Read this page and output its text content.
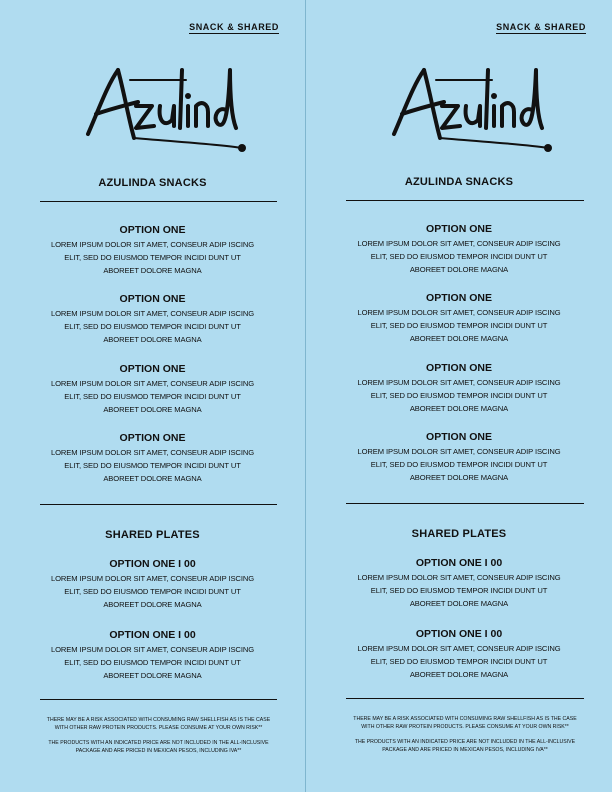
SNACK & SHARED
AZULINDA SNACKS
OPTION ONE
LOREM IPSUM DOLOR SIT AMET, CONSEUR ADIP ISCING ELIT, SED DO EIUSMOD TEMPOR INCIDI DUNT UT ABOREET DOLORE MAGNA
OPTION ONE
LOREM IPSUM DOLOR SIT AMET, CONSEUR ADIP ISCING ELIT, SED DO EIUSMOD TEMPOR INCIDI DUNT UT ABOREET DOLORE MAGNA
OPTION ONE
LOREM IPSUM DOLOR SIT AMET, CONSEUR ADIP ISCING ELIT, SED DO EIUSMOD TEMPOR INCIDI DUNT UT ABOREET DOLORE MAGNA
OPTION ONE
LOREM IPSUM DOLOR SIT AMET, CONSEUR ADIP ISCING ELIT, SED DO EIUSMOD TEMPOR INCIDI DUNT UT ABOREET DOLORE MAGNA
SHARED PLATES
OPTION ONE I 00
LOREM IPSUM DOLOR SIT AMET, CONSEUR ADIP ISCING ELIT, SED DO EIUSMOD TEMPOR INCIDI DUNT UT ABOREET DOLORE MAGNA
OPTION ONE I 00
LOREM IPSUM DOLOR SIT AMET, CONSEUR ADIP ISCING ELIT, SED DO EIUSMOD TEMPOR INCIDI DUNT UT ABOREET DOLORE MAGNA
THERE MAY BE A RISK ASSOCIATED WITH CONSUMING RAW SHELLFISH AS IS THE CASE WITH OTHER RAW PROTEIN PRODUCTS. PLEASE CONSUME AT YOUR OWN RISK**
THE PRODUCTS WITH AN INDICATED PRICE ARE NOT INCLUDED IN THE ALL-INCLUSIVE PACKAGE AND ARE PRICED IN MEXICAN PESOS, INCLUDING IVA**
SNACK & SHARED
AZULINDA SNACKS
OPTION ONE
LOREM IPSUM DOLOR SIT AMET, CONSEUR ADIP ISCING ELIT, SED DO EIUSMOD TEMPOR INCIDI DUNT UT ABOREET DOLORE MAGNA
OPTION ONE
LOREM IPSUM DOLOR SIT AMET, CONSEUR ADIP ISCING ELIT, SED DO EIUSMOD TEMPOR INCIDI DUNT UT ABOREET DOLORE MAGNA
OPTION ONE
LOREM IPSUM DOLOR SIT AMET, CONSEUR ADIP ISCING ELIT, SED DO EIUSMOD TEMPOR INCIDI DUNT UT ABOREET DOLORE MAGNA
OPTION ONE
LOREM IPSUM DOLOR SIT AMET, CONSEUR ADIP ISCING ELIT, SED DO EIUSMOD TEMPOR INCIDI DUNT UT ABOREET DOLORE MAGNA
SHARED PLATES
OPTION ONE I 00
LOREM IPSUM DOLOR SIT AMET, CONSEUR ADIP ISCING ELIT, SED DO EIUSMOD TEMPOR INCIDI DUNT UT ABOREET DOLORE MAGNA
OPTION ONE I 00
LOREM IPSUM DOLOR SIT AMET, CONSEUR ADIP ISCING ELIT, SED DO EIUSMOD TEMPOR INCIDI DUNT UT ABOREET DOLORE MAGNA
THERE MAY BE A RISK ASSOCIATED WITH CONSUMING RAW SHELLFISH AS IS THE CASE WITH OTHER RAW PROTEIN PRODUCTS. PLEASE CONSUME AT YOUR OWN RISK**
THE PRODUCTS WITH AN INDICATED PRICE ARE NOT INCLUDED IN THE ALL-INCLUSIVE PACKAGE AND ARE PRICED IN MEXICAN PESOS, INCLUDING IVA**
